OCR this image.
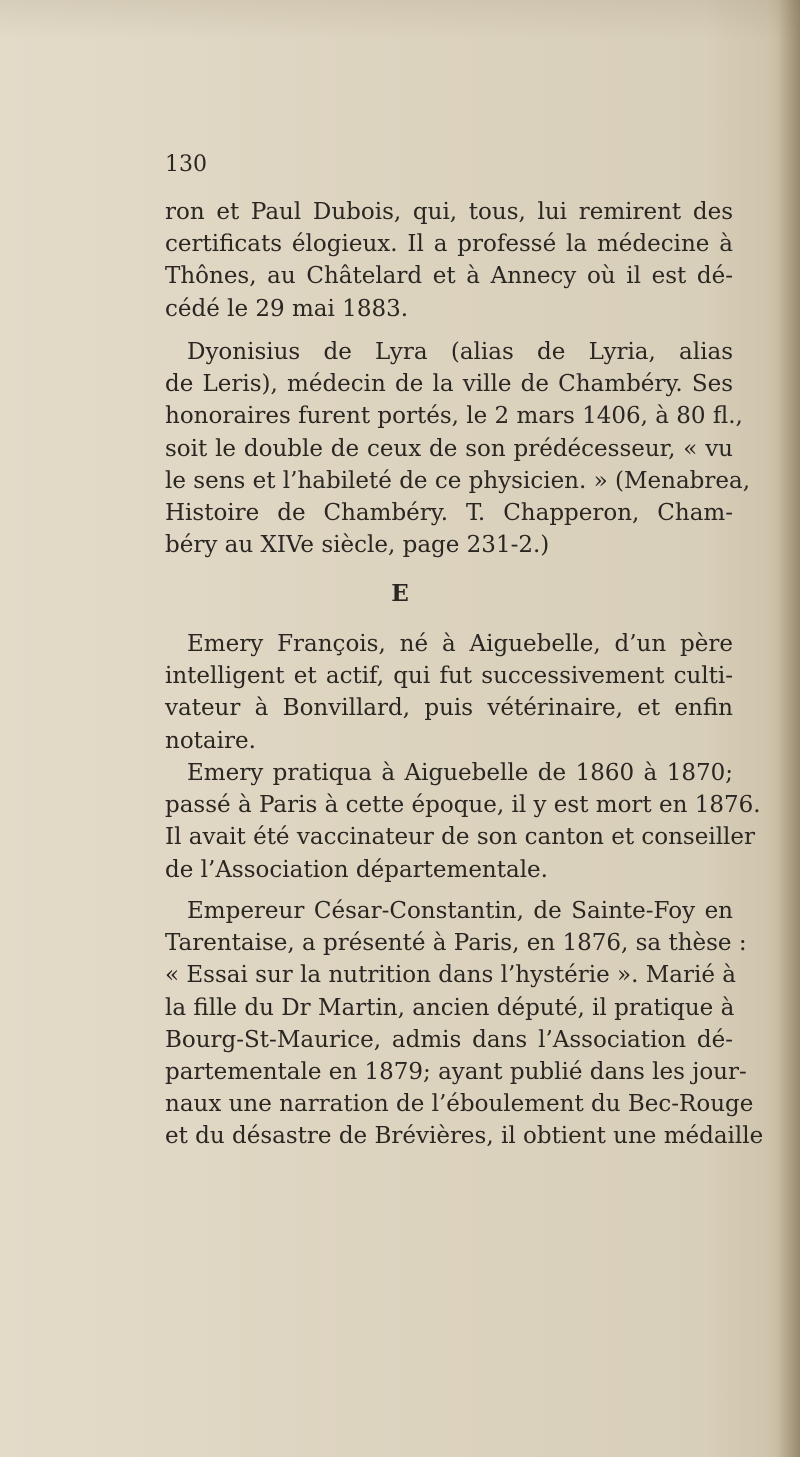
130
ron et Paul Dubois, qui, tous, lui remirent des
certificats élogieux. Il a professé la médecine à
Thônes, au Châtelard et à Annecy où il est dé-
cédé le 29 mai 1883.
Dyonisius de Lyra (alias de Lyria, alias
de Leris), médecin de la ville de Chambéry. Ses
honoraires furent portés, le 2 mars 1406, à 80 fl.,
soit le double de ceux de son prédécesseur, « vu
le sens et l’habileté de ce physicien. » (Menabrea,
Histoire de Chambéry. T. Chapperon, Cham-
béry au XIVe siècle, page 231-2.)
E
Emery François, né à Aiguebelle, d’un père
intelligent et actif, qui fut successivement culti-
vateur à Bonvillard, puis vétérinaire, et enfin
notaire.
Emery pratiqua à Aiguebelle de 1860 à 1870;
passé à Paris à cette époque, il y est mort en 1876.
Il avait été vaccinateur de son canton et conseiller
de l’Association départementale.
Empereur César-Constantin, de Sainte-Foy en
Tarentaise, a présenté à Paris, en 1876, sa thèse :
« Essai sur la nutrition dans l’hystérie ». Marié à
la fille du Dr Martin, ancien député, il pratique à
Bourg-St-Maurice, admis dans l’Association dé-
partementale en 1879; ayant publié dans les jour-
naux une narration de l’éboulement du Bec-Rouge
et du désastre de Brévières, il obtient une médaille
